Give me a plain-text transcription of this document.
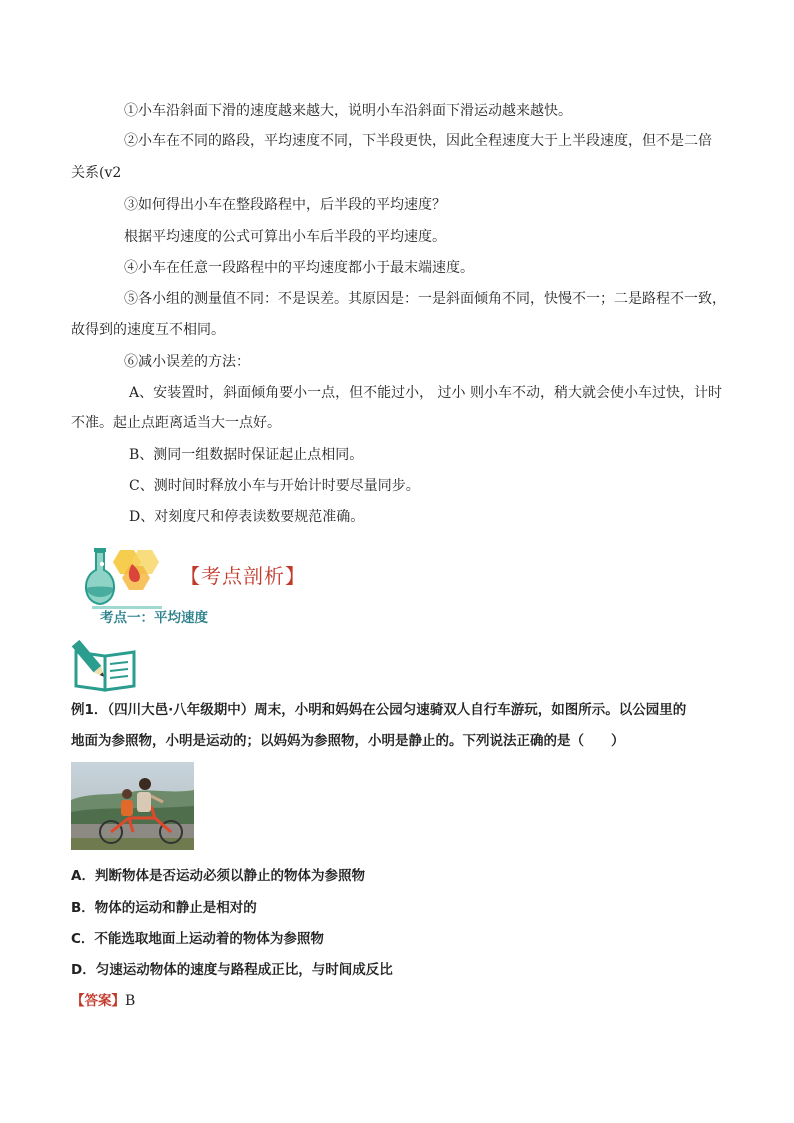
①小车沿斜面下滑的速度越来越大，说明小车沿斜面下滑运动越来越快。
②小车在不同的路段，平均速度不同，下半段更快，因此全程速度大于上半段速度，但不是二倍
关系(v2
③如何得出小车在整段路程中，后半段的平均速度？
根据平均速度的公式可算出小车后半段的平均速度。
④小车在任意一段路程中的平均速度都小于最末端速度。
⑤各小组的测量值不同：不是误差。其原因是：一是斜面倾角不同，快慢不一；二是路程不一致，
故得到的速度互不相同。
⑥减小误差的方法：
A、安装置时，斜面倾角要小一点，但不能过小， 过小 则小车不动，稍大就会使小车过快，计时
不准。起止点距离适当大一点好。
B、测同一组数据时保证起止点相同。
C、测时间时释放小车与开始计时要尽量同步。
D、对刻度尺和停表读数要规范准确。
【考点剖析】
考点一：平均速度
例1．（四川大邑·八年级期中）周末，小明和妈妈在公园匀速骑双人自行车游玩，如图所示。以公园里的
地面为参照物，小明是运动的；以妈妈为参照物，小明是静止的。下列说法正确的是（　　）
A．判断物体是否运动必须以静止的物体为参照物
B．物体的运动和静止是相对的
C．不能选取地面上运动着的物体为参照物
D．匀速运动物体的速度与路程成正比，与时间成反比
【答案】B
